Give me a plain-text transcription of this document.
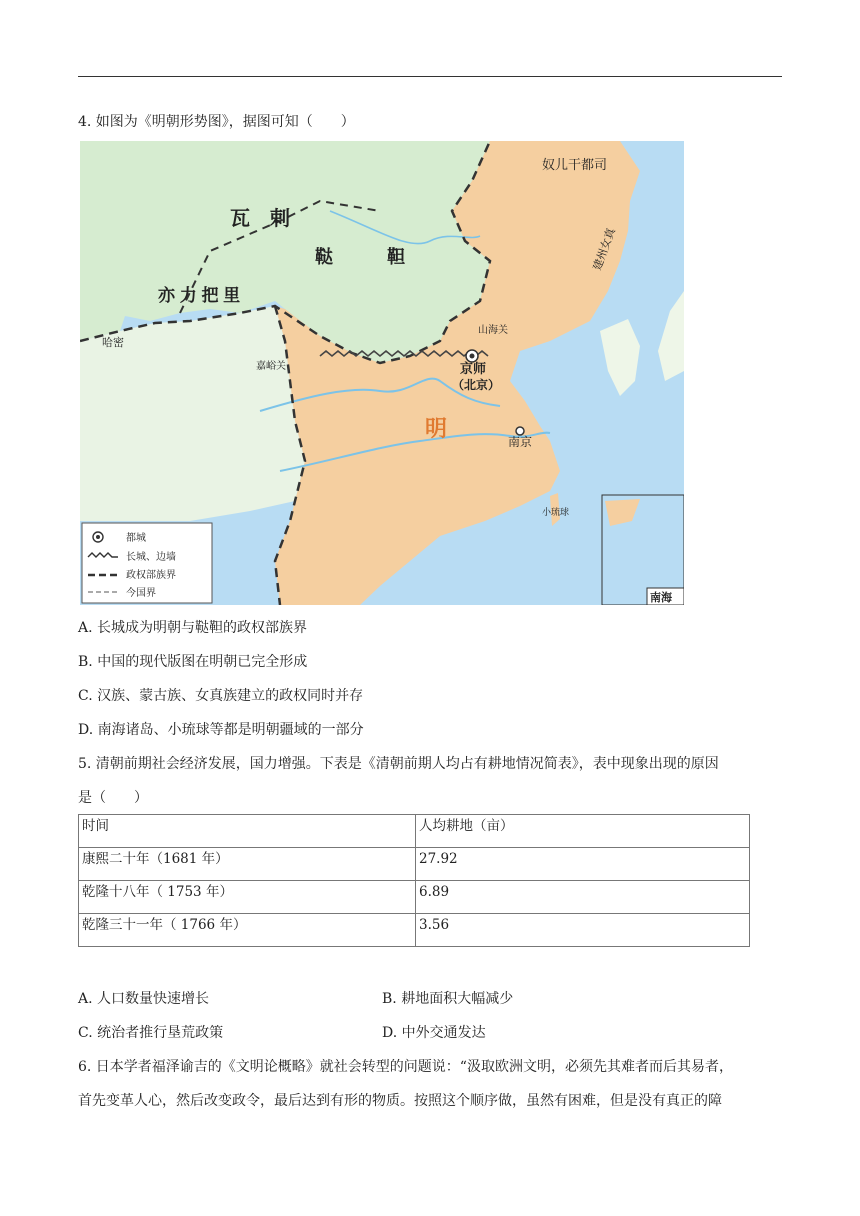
4. 如图为《明朝形势图》，据图可知（　　）
瓦　剌
鞑　　　靼
亦 力 把 里
奴儿干都司
建州女真
明
京师
（北京）
南京
山海关
嘉峪关
哈密
小琉球
南海
都城
长城、边墙
政权部族界
今国界
A. 长城成为明朝与鞑靼的政权部族界
B. 中国的现代版图在明朝已完全形成
C. 汉族、蒙古族、女真族建立的政权同时并存
D. 南海诸岛、小琉球等都是明朝疆域的一部分
5. 清朝前期社会经济发展，国力增强。下表是《清朝前期人均占有耕地情况简表》，表中现象出现的原因
是（　　）
时间	人均耕地（亩）
康熙二十年（1681 年）	27.92
乾隆十八年（ 1753 年）	6.89
乾隆三十一年（ 1766 年）	3.56
A. 人口数量快速增长	B. 耕地面积大幅减少
C. 统治者推行垦荒政策	D. 中外交通发达
6. 日本学者福泽谕吉的《文明论概略》就社会转型的问题说：“汲取欧洲文明，必须先其难者而后其易者，
首先变革人心，然后改变政令，最后达到有形的物质。按照这个顺序做，虽然有困难，但是没有真正的障
